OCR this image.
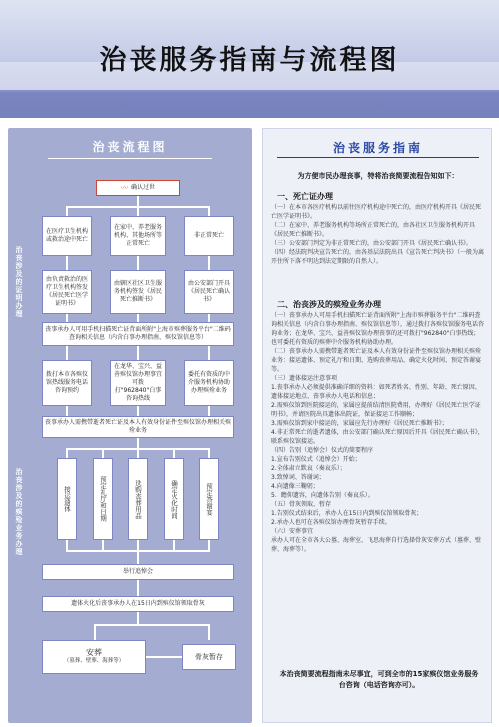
治丧服务指南与流程图
治丧流程图
治丧涉及的证明办理
治丧涉及的殡殓业务办理
〰 确认过世
在医疗卫生机构或救治途中死亡
在家中、养老服务机构、其他场所等正常死亡
非正常死亡
由负责救治的医疗卫生机构签发《居民死亡医学证明书》
由辖区社区卫生服务机构签发《居民死亡推断书》
由公安部门开具《居民死亡确认书》
丧事承办人可用手机扫描死亡证背面所附"上海市殡葬服务平台"二维码查询相关信息（内含白事办理指南、殡仪馆信息等）
拨打本市各殡仪馆热线服务电话咨询预约
在龙华、宝兴、益善殡仪馆办理事宜可拨打"962840"白事咨询热线
委托有资质的中介服务机构协助办理殡殓业务
丧事承办人需携带逝者死亡证及本人有效身份证件至殡仪馆办理相关殡殓业务
接运遗体	预定礼厅和日期	选购丧葬用品	确定火化时间	预定答谢宴
举行追悼会
遗体火化后丧事承办人在15日内到殡仪馆领取骨灰
安葬
（墓葬、壁葬、海葬等）	骨灰暂存
治丧服务指南
为方便市民办理丧事，特将治丧简要流程告知如下：
一、死亡证办理

（一）在本市各医疗机构以前往医疗机构途中死亡的，由医疗机构开具《居民死亡医学证明书》。

（二）在家中、养老服务机构等场所正常死亡的，由各社区卫生服务机构开具《居民死亡推断书》。

（三）公安部门判定为非正常死亡的，由公安部门开具《居民死亡确认书》。

（四）经法院判决宣告死亡的，由各基层法院出具《宣告死亡判决书》（一般为离开住所下落不明达到法定期限的自然人）。

二、治丧涉及的殡殓业务办理

（一）丧事承办人可用手机扫描死亡证背面所附"上海市殡葬服务平台"二维码查询相关信息（内含白事办理指南、殡仪馆信息等），通过拨打各殡仪馆服务电话咨询业务；在龙华、宝兴、益善殡仪馆办理丧事的还可拨打"962840"白事热线；也可委托有资质的殡葬中介服务机构协助办理。

（二）丧事承办人需携带逝者死亡证及本人有效身份证件至殡仪馆办理相关殡殓业务：接运遗体、预定礼厅和日期、选购丧葬用品、确定火化时间、预定答谢宴等。

（三）遗体接运注意事项

1.丧事承办人必须提供准确详细的资料：如死者姓名、性别、年龄、死亡原因、遗体接运地点、丧事承办人电话和信息；

2.需殡仪馆到医院接运的，家属应提前结清医院费用，办理好《居民死亡医学证明书》，并请医院出具遗体出院证，保证接运工作顺畅；

3.需殡仪馆到家中接运的，家属应先行办理好《居民死亡推断书》；

4.非正常死亡的逝者遗体，由公安部门确认死亡原因后开具《居民死亡确认书》，联系殡仪馆接运。

（四）告别（追悼会）仪式的简要程序

1.宣布告别仪式（追悼会）开始；

2.全体肃立默哀（奏哀乐）；

3.致悼词、答谢词；

4.向遗像三鞠躬；

5．瞻仰遗容，向遗体告别（奏哀乐）。

（五）骨灰领取、暂存

1.告别仪式结束后，承办人在15日内到殡仪馆领取骨灰；

2.承办人也可在各殡仪馆办理骨灰暂存手续。

（六）安葬事宜

承办人可在全市各大公墓、海葬室、飞思海葬自行选择骨灰安葬方式（墓葬、壁葬、海葬等）。

本治丧简要流程指南未尽事宜，可到全市的15家殡仪馆业务服务台咨询（电话咨询亦可）。
